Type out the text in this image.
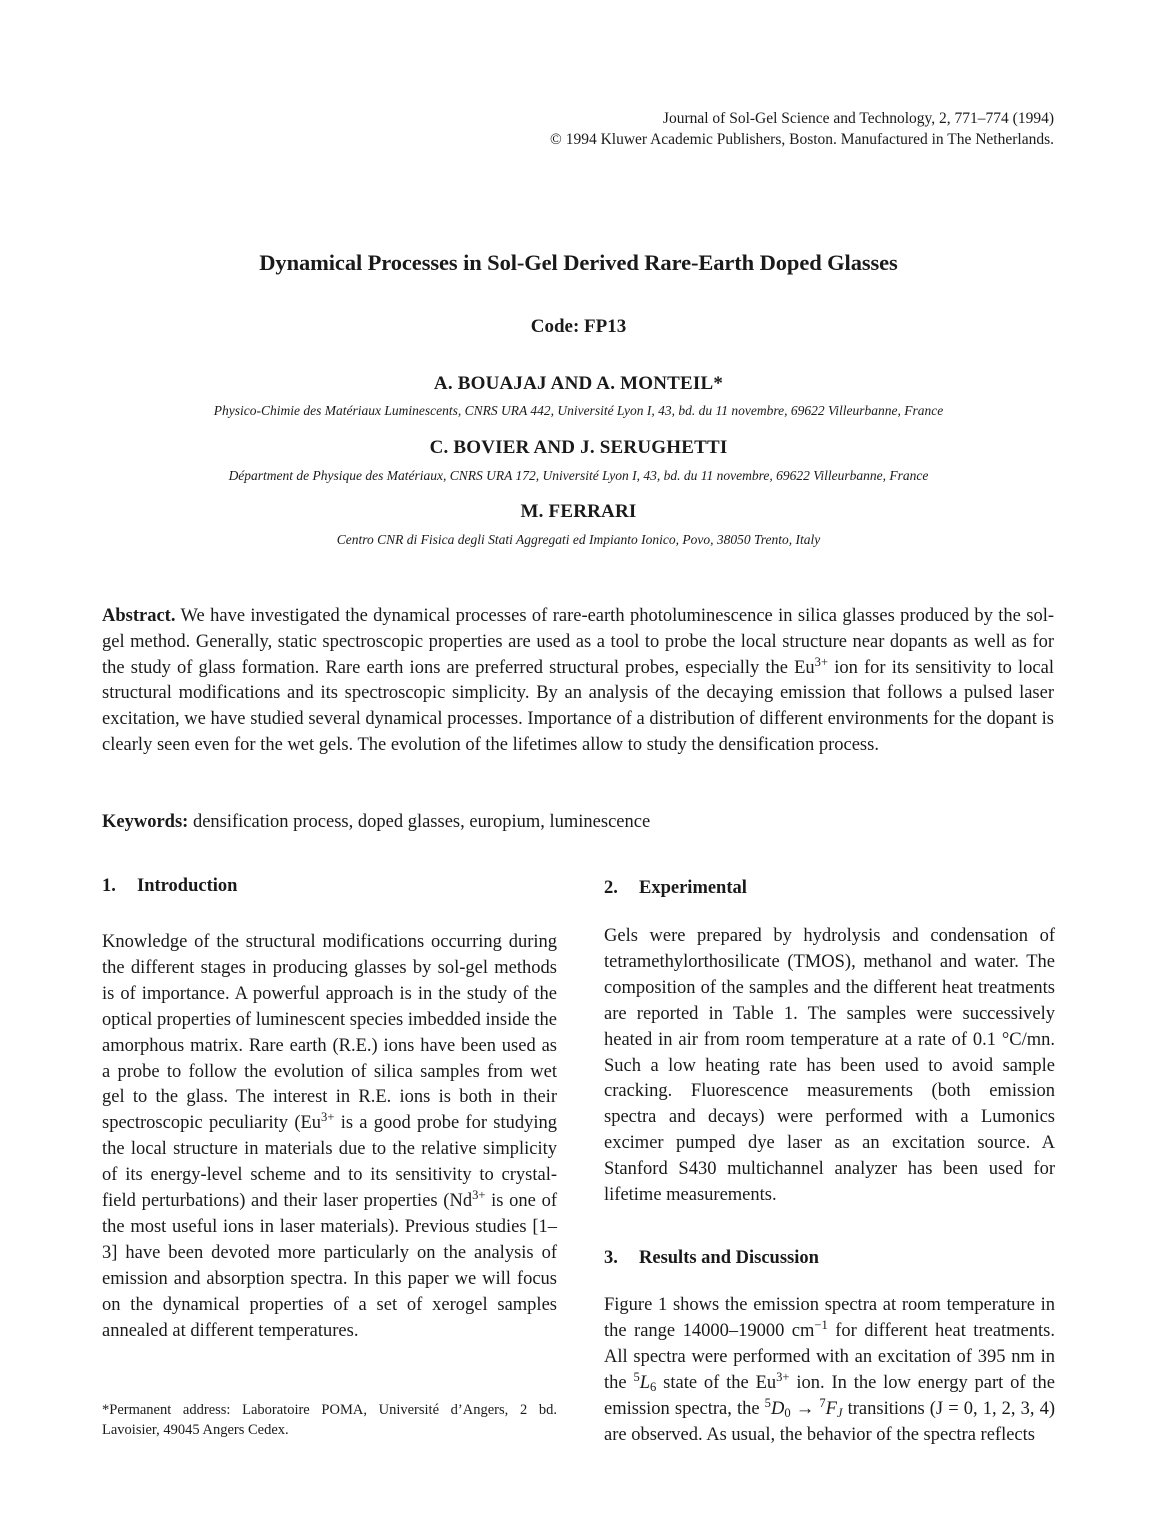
Journal of Sol-Gel Science and Technology, 2, 771–774 (1994)
© 1994 Kluwer Academic Publishers, Boston. Manufactured in The Netherlands.
Dynamical Processes in Sol-Gel Derived Rare-Earth Doped Glasses
Code: FP13
A. BOUAJAJ AND A. MONTEIL*
Physico-Chimie des Matériaux Luminescents, CNRS URA 442, Université Lyon I, 43, bd. du 11 novembre, 69622 Villeurbanne, France
C. BOVIER AND J. SERUGHETTI
Départment de Physique des Matériaux, CNRS URA 172, Université Lyon I, 43, bd. du 11 novembre, 69622 Villeurbanne, France
M. FERRARI
Centro CNR di Fisica degli Stati Aggregati ed Impianto Ionico, Povo, 38050 Trento, Italy

Abstract. We have investigated the dynamical processes of rare-earth photoluminescence in silica glasses produced by the sol-gel method. Generally, static spectroscopic properties are used as a tool to probe the local structure near dopants as well as for the study of glass formation. Rare earth ions are preferred structural probes, especially the $Eu^{3+}$ ion for its sensitivity to local structural modifications and its spectroscopic simplicity. By an analysis of the decaying emission that follows a pulsed laser excitation, we have studied several dynamical processes. Importance of a distribution of different environments for the dopant is clearly seen even for the wet gels. The evolution of the lifetimes allow to study the densification process.

Keywords: densification process, doped glasses, europium, luminescence
1. Introduction

Knowledge of the structural modifications occurring during the different stages in producing glasses by sol-gel methods is of importance. A powerful approach is in the study of the optical properties of luminescent species imbedded inside the amorphous matrix. Rare earth (R.E.) ions have been used as a probe to follow the evolution of silica samples from wet gel to the glass. The interest in R.E. ions is both in their spectroscopic peculiarity ($Eu^{3+}$ is a good probe for studying the local structure in materials due to the relative simplicity of its energy-level scheme and to its sensitivity to crystal-field perturbations) and their laser properties ($Nd^{3+}$ is one of the most useful ions in laser materials). Previous studies [1–3] have been devoted more particularly on the analysis of emission and absorption spectra. In this paper we will focus on the dynamical properties of a set of xerogel samples annealed at different temperatures.

*Permanent address: Laboratoire POMA, Université d’Angers, 2 bd. Lavoisier, 49045 Angers Cedex.

2. Experimental

Gels were prepared by hydrolysis and condensation of tetramethylorthosilicate (TMOS), methanol and water. The composition of the samples and the different heat treatments are reported in Table 1. The samples were successively heated in air from room temperature at a rate of 0.1 °C/mn. Such a low heating rate has been used to avoid sample cracking. Fluorescence measurements (both emission spectra and decays) were performed with a Lumonics excimer pumped dye laser as an excitation source. A Stanford S430 multichannel analyzer has been used for lifetime measurements.

3. Results and Discussion

Figure 1 shows the emission spectra at room temperature in the range 14000–19000 $cm^{-1}$ for different heat treatments. All spectra were performed with an excitation of 395 nm in the $^5L_6$ state of the $Eu^{3+}$ ion. In the low energy part of the emission spectra, the $^5D_0 \to ^7F_J$ transitions (J = 0, 1, 2, 3, 4) are observed. As usual, the behavior of the spectra reflects
